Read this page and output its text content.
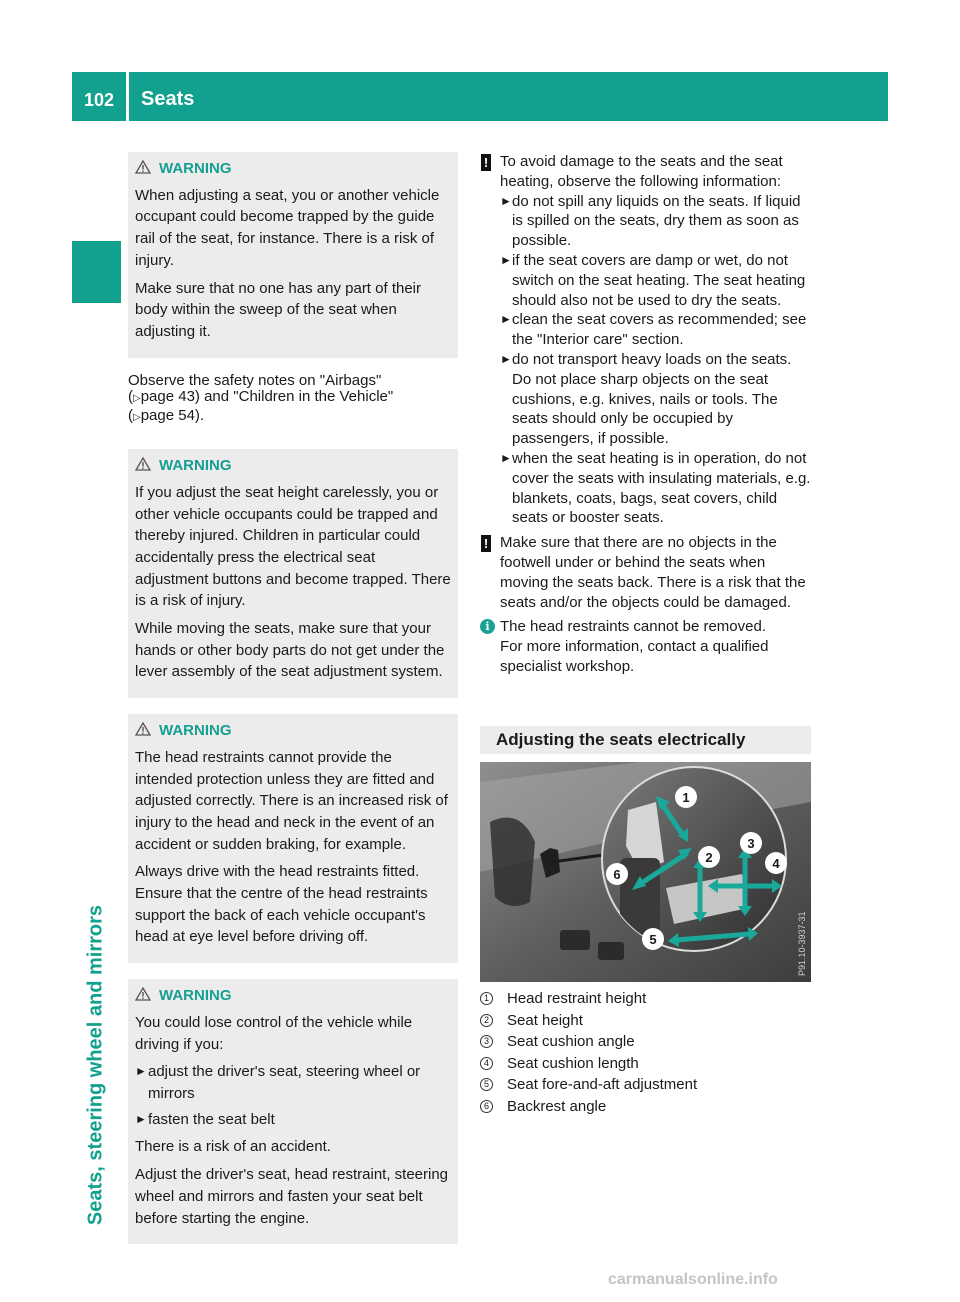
102 Seats
Seats, steering wheel and mirrors
WARNING

When adjusting a seat, you or another vehicle occupant could become trapped by the guide rail of the seat, for instance. There is a risk of injury.

Make sure that no one has any part of their body within the sweep of the seat when adjusting it.

Observe the safety notes on "Airbags"

(▷page 43) and "Children in the Vehicle"

(▷page 54).

WARNING

If you adjust the seat height carelessly, you or other vehicle occupants could be trapped and thereby injured. Children in particular could accidentally press the electrical seat adjustment buttons and become trapped. There is a risk of injury.

While moving the seats, make sure that your hands or other body parts do not get under the lever assembly of the seat adjustment system.

WARNING

The head restraints cannot provide the intended protection unless they are fitted and adjusted correctly. There is an increased risk of injury to the head and neck in the event of an accident or sudden braking, for example.

Always drive with the head restraints fitted. Ensure that the centre of the head restraints support the back of each vehicle occupant's head at eye level before driving off.

WARNING

You could lose control of the vehicle while driving if you:

► adjust the driver's seat, steering wheel or mirrors
► fasten the seat belt

There is a risk of an accident.

Adjust the driver's seat, head restraint, steering wheel and mirrors and fasten your seat belt before starting the engine.

! To avoid damage to the seats and the seat heating, observe the following information:

► do not spill any liquids on the seats. If liquid is spilled on the seats, dry them as soon as possible.
► if the seat covers are damp or wet, do not switch on the seat heating. The seat heating should also not be used to dry the seats.
► clean the seat covers as recommended; see the "Interior care" section.
► do not transport heavy loads on the seats. Do not place sharp objects on the seat cushions, e.g. knives, nails or tools. The seats should only be occupied by passengers, if possible.
► when the seat heating is in operation, do not cover the seats with insulating materials, e.g. blankets, coats, bags, seat covers, child seats or booster seats.
! Make sure that there are no objects in the footwell under or behind the seats when moving the seats back. There is a risk that the seats and/or the objects could be damaged.

i The head restraints cannot be removed.

For more information, contact a qualified specialist workshop.

Adjusting the seats electrically
1
2
3
4
5
6
P91.10-3937-31
1 Head restraint height
2 Seat height
3 Seat cushion angle
4 Seat cushion length
5 Seat fore-and-aft adjustment
6 Backrest angle
carmanualsonline.info
